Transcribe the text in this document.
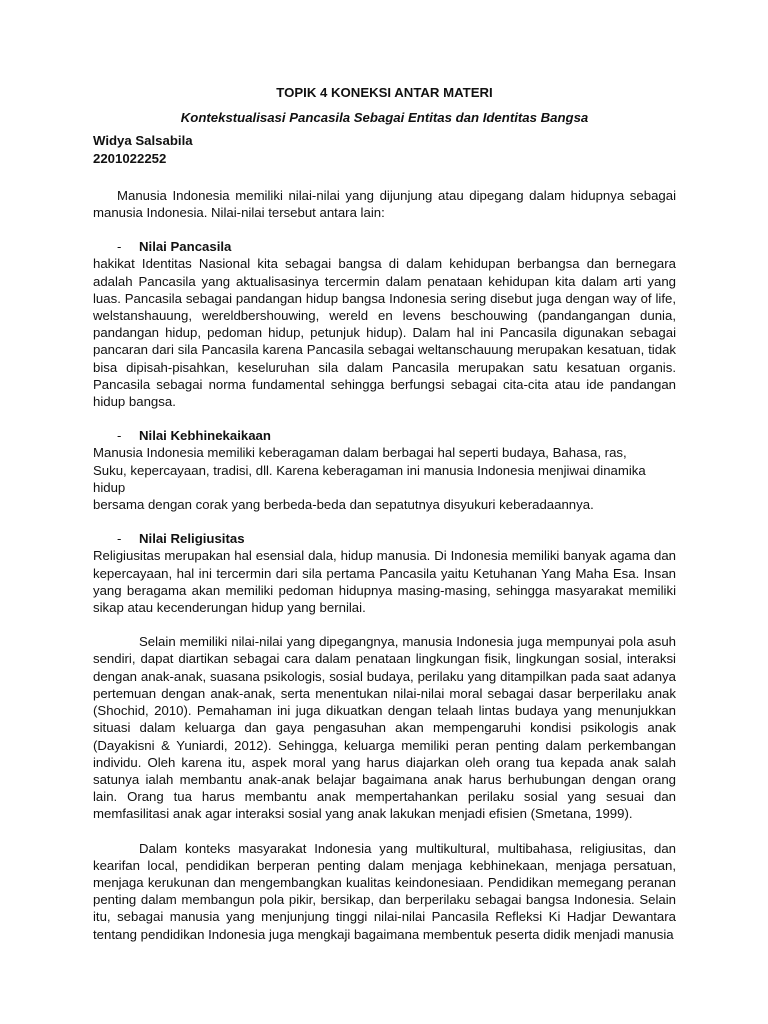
TOPIK 4 KONEKSI ANTAR MATERI
Kontekstualisasi Pancasila Sebagai Entitas dan Identitas Bangsa
Widya Salsabila
2201022252

Manusia Indonesia memiliki nilai-nilai yang dijunjung atau dipegang dalam hidupnya sebagai manusia Indonesia. Nilai-nilai tersebut antara lain:

- Nilai Pancasila

hakikat Identitas Nasional kita sebagai bangsa di dalam kehidupan berbangsa dan bernegara adalah Pancasila yang aktualisasinya tercermin dalam penataan kehidupan kita dalam arti yang luas. Pancasila sebagai pandangan hidup bangsa Indonesia sering disebut juga dengan way of life, welstanshauung, wereldbershouwing, wereld en levens beschouwing (pandangangan dunia, pandangan hidup, pedoman hidup, petunjuk hidup). Dalam hal ini Pancasila digunakan sebagai pancaran dari sila Pancasila karena Pancasila sebagai weltanschauung merupakan kesatuan, tidak bisa dipisah-pisahkan, keseluruhan sila dalam Pancasila merupakan satu kesatuan organis. Pancasila sebagai norma fundamental sehingga berfungsi sebagai cita-cita atau ide pandangan hidup bangsa.

- Nilai Kebhinekaikaan
Manusia Indonesia memiliki keberagaman dalam berbagai hal seperti budaya, Bahasa, ras,
Suku, kepercayaan, tradisi, dll. Karena keberagaman ini manusia Indonesia menjiwai dinamika hidup
bersama dengan corak yang berbeda-beda dan sepatutnya disyukuri keberadaannya.
- Nilai Religiusitas

Religiusitas merupakan hal esensial dala, hidup manusia. Di Indonesia memiliki banyak agama dan kepercayaan, hal ini tercermin dari sila pertama Pancasila yaitu Ketuhanan Yang Maha Esa. Insan yang beragama akan memiliki pedoman hidupnya masing-masing, sehingga masyarakat memiliki sikap atau kecenderungan hidup yang bernilai.

Selain memiliki nilai-nilai yang dipegangnya, manusia Indonesia juga mempunyai pola asuh sendiri, dapat diartikan sebagai cara dalam penataan lingkungan fisik, lingkungan sosial, interaksi dengan anak-anak, suasana psikologis, sosial budaya, perilaku yang ditampilkan pada saat adanya pertemuan dengan anak-anak, serta menentukan nilai-nilai moral sebagai dasar berperilaku anak (Shochid, 2010). Pemahaman ini juga dikuatkan dengan telaah lintas budaya yang menunjukkan situasi dalam keluarga dan gaya pengasuhan akan mempengaruhi kondisi psikologis anak (Dayakisni & Yuniardi, 2012). Sehingga, keluarga memiliki peran penting dalam perkembangan individu. Oleh karena itu, aspek moral yang harus diajarkan oleh orang tua kepada anak salah satunya ialah membantu anak-anak belajar bagaimana anak harus berhubungan dengan orang lain. Orang tua harus membantu anak mempertahankan perilaku sosial yang sesuai dan memfasilitasi anak agar interaksi sosial yang anak lakukan menjadi efisien (Smetana, 1999).

Dalam konteks masyarakat Indonesia yang multikultural, multibahasa, religiusitas, dan kearifan local, pendidikan berperan penting dalam menjaga kebhinekaan, menjaga persatuan, menjaga kerukunan dan mengembangkan kualitas keindonesiaan. Pendidikan memegang peranan penting dalam membangun pola pikir, bersikap, dan berperilaku sebagai bangsa Indonesia. Selain itu, sebagai manusia yang menjunjung tinggi nilai-nilai Pancasila Refleksi Ki Hadjar Dewantara tentang pendidikan Indonesia juga mengkaji bagaimana membentuk peserta didik menjadi manusia
